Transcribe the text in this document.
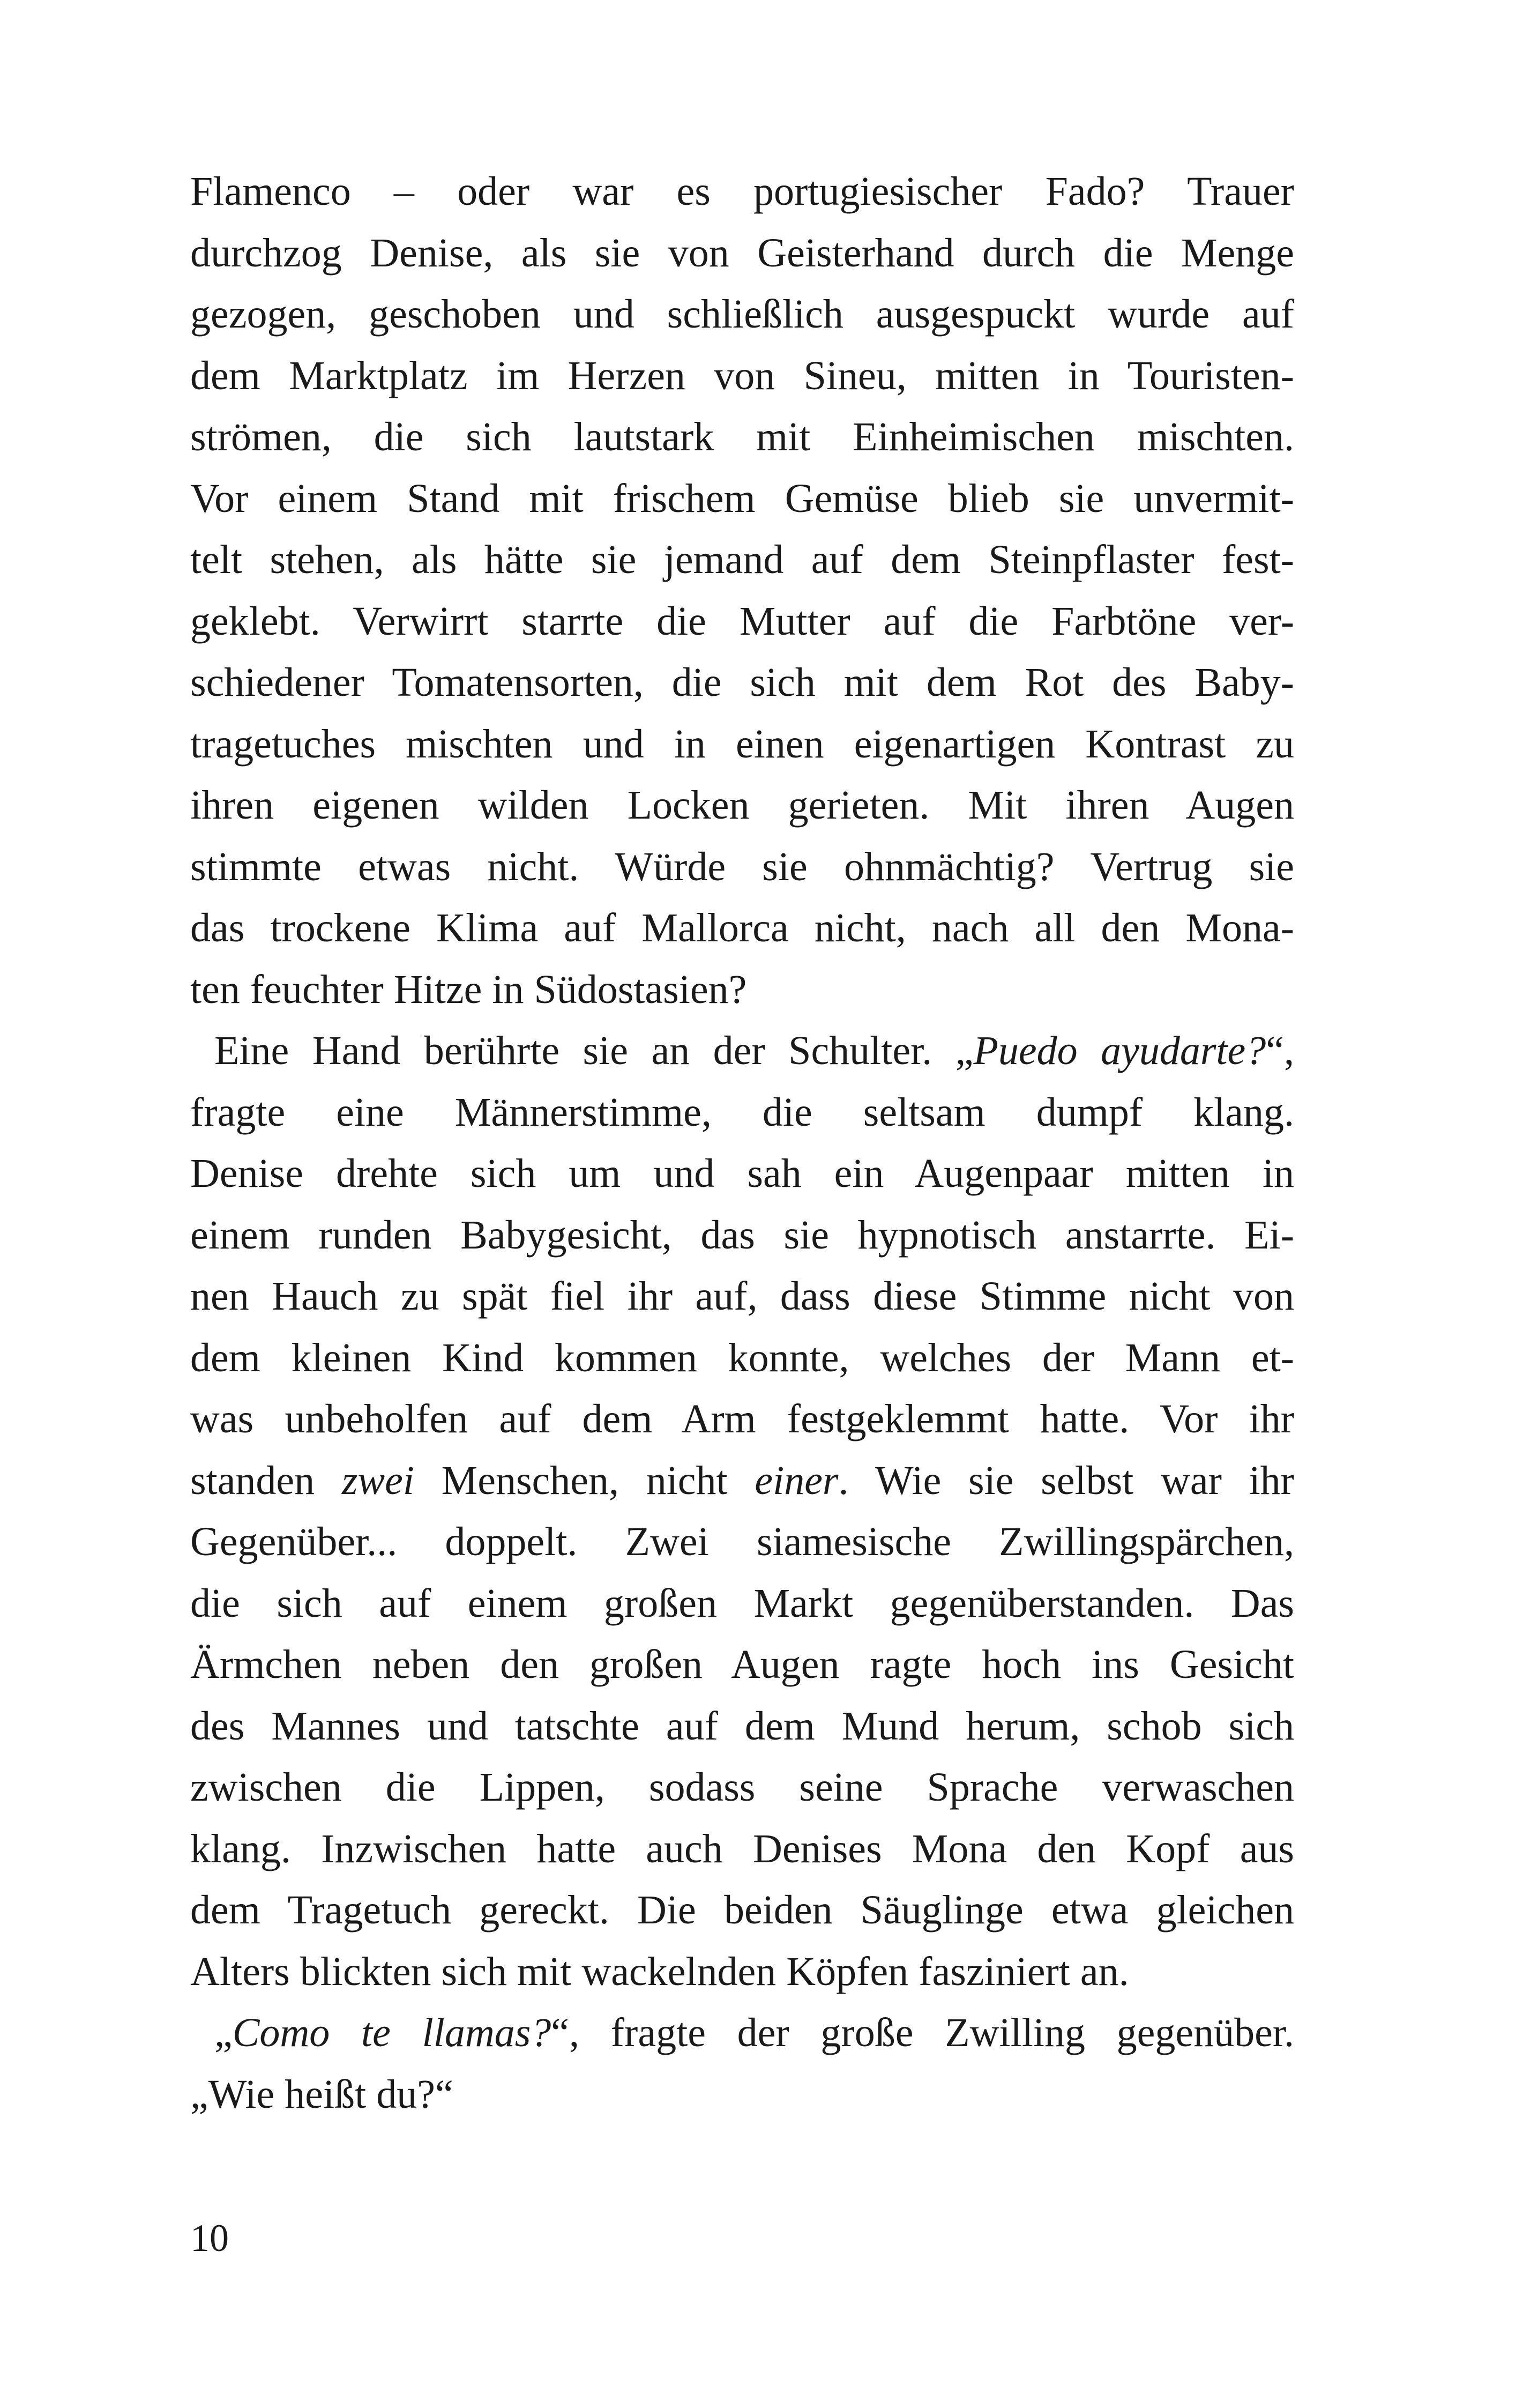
Flamenco – oder war es portugiesischer Fado? Trauer
durchzog Denise, als sie von Geisterhand durch die Menge
gezogen, geschoben und schließlich ausgespuckt wurde auf
dem Marktplatz im Herzen von Sineu, mitten in Touristen-
strömen, die sich lautstark mit Einheimischen mischten.
Vor einem Stand mit frischem Gemüse blieb sie unvermit-
telt stehen, als hätte sie jemand auf dem Steinpflaster fest-
geklebt. Verwirrt starrte die Mutter auf die Farbtöne ver-
schiedener Tomatensorten, die sich mit dem Rot des Baby-
tragetuches mischten und in einen eigenartigen Kontrast zu
ihren eigenen wilden Locken gerieten. Mit ihren Augen
stimmte etwas nicht. Würde sie ohnmächtig? Vertrug sie
das trockene Klima auf Mallorca nicht, nach all den Mona-
ten feuchter Hitze in Südostasien?
Eine Hand berührte sie an der Schulter. „Puedo ayudarte?“,
fragte eine Männerstimme, die seltsam dumpf klang.
Denise drehte sich um und sah ein Augenpaar mitten in
einem runden Babygesicht, das sie hypnotisch anstarrte. Ei-
nen Hauch zu spät fiel ihr auf, dass diese Stimme nicht von
dem kleinen Kind kommen konnte, welches der Mann et-
was unbeholfen auf dem Arm festgeklemmt hatte. Vor ihr
standen zwei Menschen, nicht einer. Wie sie selbst war ihr
Gegenüber... doppelt. Zwei siamesische Zwillingspärchen,
die sich auf einem großen Markt gegenüberstanden. Das
Ärmchen neben den großen Augen ragte hoch ins Gesicht
des Mannes und tatschte auf dem Mund herum, schob sich
zwischen die Lippen, sodass seine Sprache verwaschen
klang. Inzwischen hatte auch Denises Mona den Kopf aus
dem Tragetuch gereckt. Die beiden Säuglinge etwa gleichen
Alters blickten sich mit wackelnden Köpfen fasziniert an.
„Como te llamas?“, fragte der große Zwilling gegenüber.
„Wie heißt du?“
10
